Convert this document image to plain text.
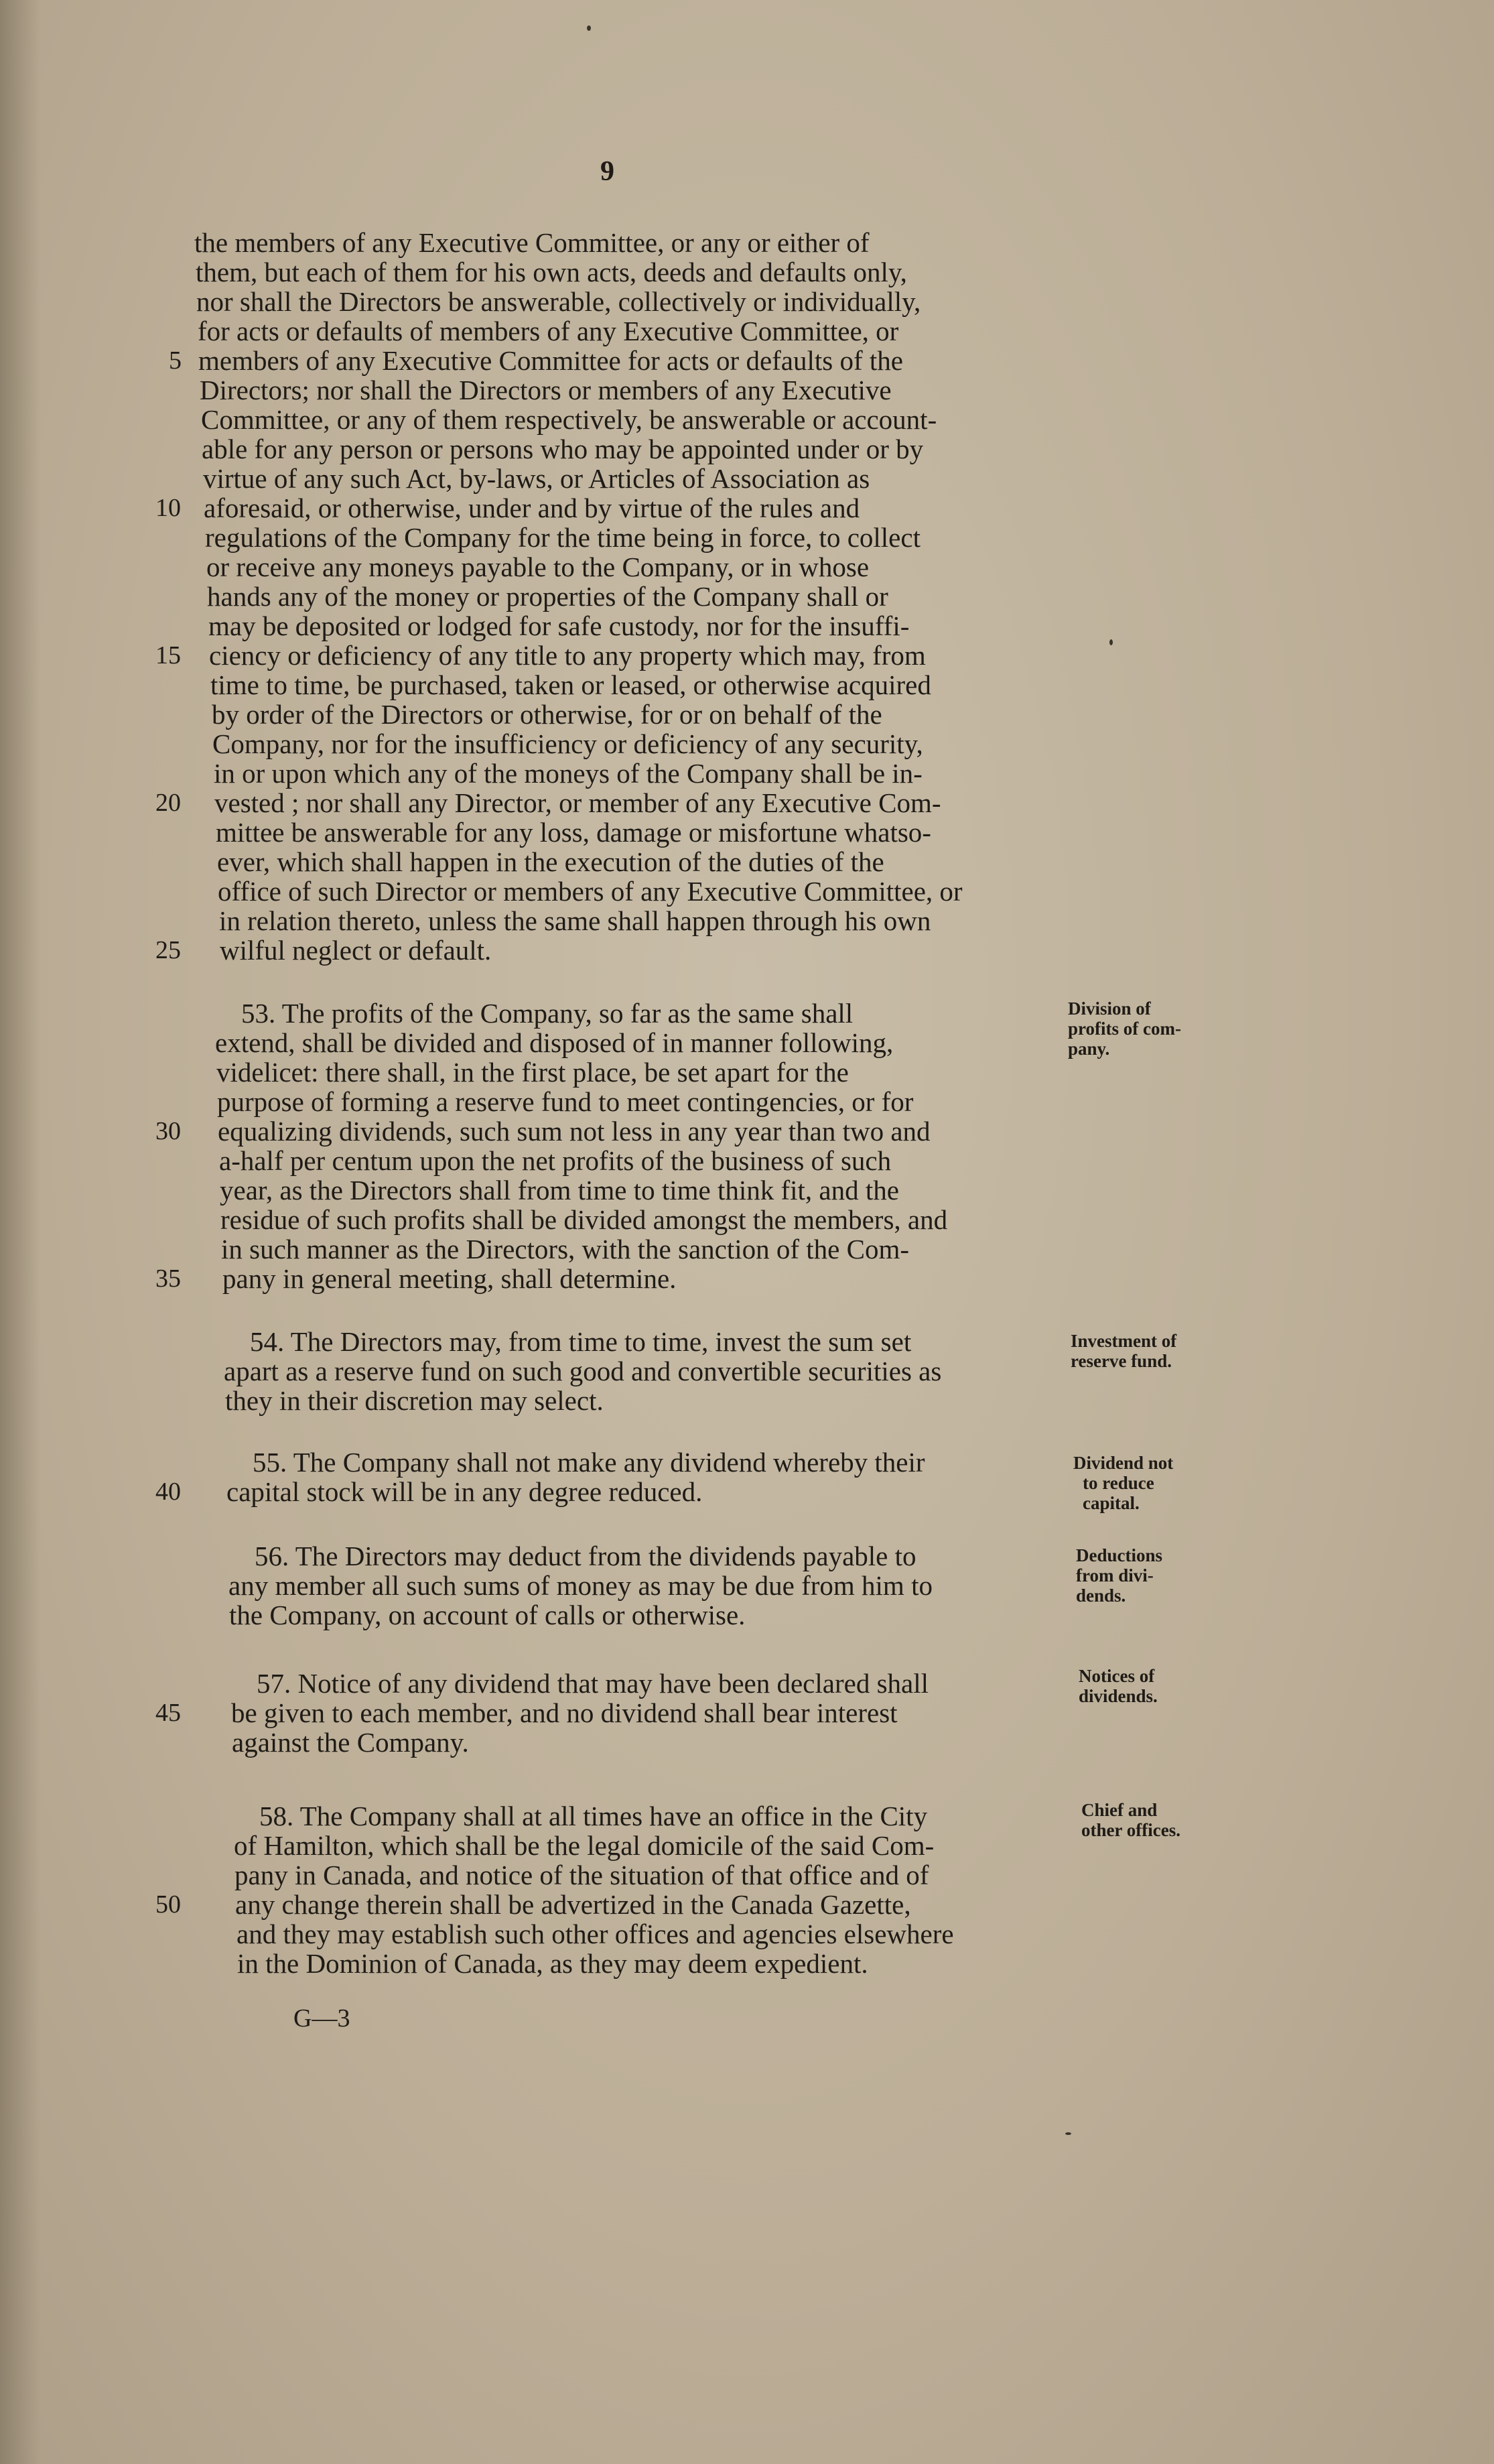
9
the members of any Executive Committee, or any or either of
them, but each of them for his own acts, deeds and defaults only,
nor shall the Directors be answerable, collectively or individually,
for acts or defaults of members of any Executive Committee, or
members of any Executive Committee for acts or defaults of the
Directors; nor shall the Directors or members of any Executive
Committee, or any of them respectively, be answerable or account-
able for any person or persons who may be appointed under or by
virtue of any such Act, by-laws, or Articles of Association as
aforesaid, or otherwise, under and by virtue of the rules and
regulations of the Company for the time being in force, to collect
or receive any moneys payable to the Company, or in whose
hands any of the money or properties of the Company shall or
may be deposited or lodged for safe custody, nor for the insuffi-
ciency or deficiency of any title to any property which may, from
time to time, be purchased, taken or leased, or otherwise acquired
by order of the Directors or otherwise, for or on behalf of the
Company, nor for the insufficiency or deficiency of any security,
in or upon which any of the moneys of the Company shall be in-
vested ; nor shall any Director, or member of any Executive Com-
mittee be answerable for any loss, damage or misfortune whatso-
ever, which shall happen in the execution of the duties of the
office of such Director or members of any Executive Committee, or
in relation thereto, unless the same shall happen through his own
wilful neglect or default.
53. The profits of the Company, so far as the same shall
extend, shall be divided and disposed of in manner following,
videlicet: there shall, in the first place, be set apart for the
purpose of forming a reserve fund to meet contingencies, or for
equalizing dividends, such sum not less in any year than two and
a-half per centum upon the net profits of the business of such
year, as the Directors shall from time to time think fit, and the
residue of such profits shall be divided amongst the members, and
in such manner as the Directors, with the sanction of the Com-
pany in general meeting, shall determine.
54. The Directors may, from time to time, invest the sum set
apart as a reserve fund on such good and convertible securities as
they in their discretion may select.
55. The Company shall not make any dividend whereby their
capital stock will be in any degree reduced.
56. The Directors may deduct from the dividends payable to
any member all such sums of money as may be due from him to
the Company, on account of calls or otherwise.
57. Notice of any dividend that may have been declared shall
be given to each member, and no dividend shall bear interest
against the Company.
58. The Company shall at all times have an office in the City
of Hamilton, which shall be the legal domicile of the said Com-
pany in Canada, and notice of the situation of that office and of
any change therein shall be advertized in the Canada Gazette,
and they may establish such other offices and agencies elsewhere
in the Dominion of Canada, as they may deem expedient.
5
10
15
20
25
30
35
40
45
50
Division of
profits of com-
pany.
Investment of
reserve fund.
Dividend not
to reduce
capital.
Deductions
from divi-
dends.
Notices of
dividends.
Chief and
other offices.
G—3
